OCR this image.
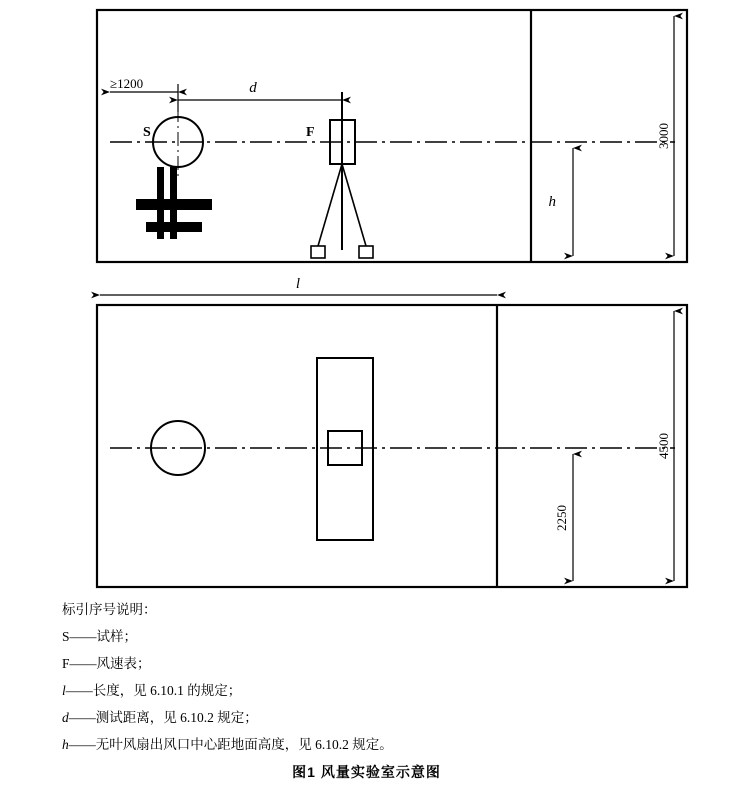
≥1200	d
S	F
h
3000
l
2250
4500
标引序号说明：
S——试样；
F——风速表；
l——长度，见 6.10.1 的规定；
d——测试距离，见 6.10.2 规定；
h——无叶风扇出风口中心距地面高度，见 6.10.2 规定。
图1 风量实验室示意图
